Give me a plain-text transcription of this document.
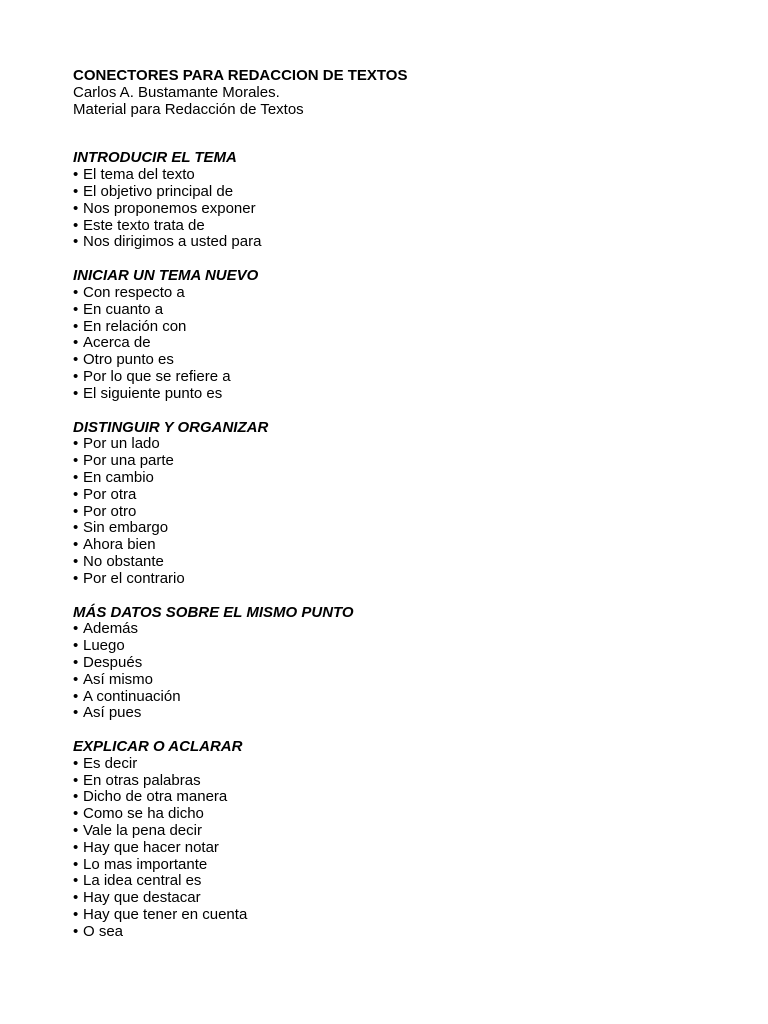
CONECTORES PARA REDACCION DE TEXTOS

Carlos A. Bustamante Morales.

Material para Redacción de Textos

INTRODUCIR EL TEMA

• El tema del texto
• El objetivo principal de
• Nos proponemos exponer
• Este texto trata de
• Nos dirigimos a usted para

INICIAR UN TEMA NUEVO

• Con respecto a
• En cuanto a
• En relación con
• Acerca de
• Otro punto es
• Por lo que se refiere a
• El siguiente punto es

DISTINGUIR Y ORGANIZAR

• Por un lado
• Por una parte
• En cambio
• Por otra
• Por otro
• Sin embargo
• Ahora bien
• No obstante
• Por el contrario

MÁS DATOS SOBRE EL MISMO PUNTO

• Además
• Luego
• Después
• Así mismo
• A continuación
• Así pues

EXPLICAR O ACLARAR

• Es decir
• En otras palabras
• Dicho de otra manera
• Como se ha dicho
• Vale la pena decir
• Hay que hacer notar
• Lo mas importante
• La idea central es
• Hay que destacar
• Hay que tener en cuenta
• O sea
